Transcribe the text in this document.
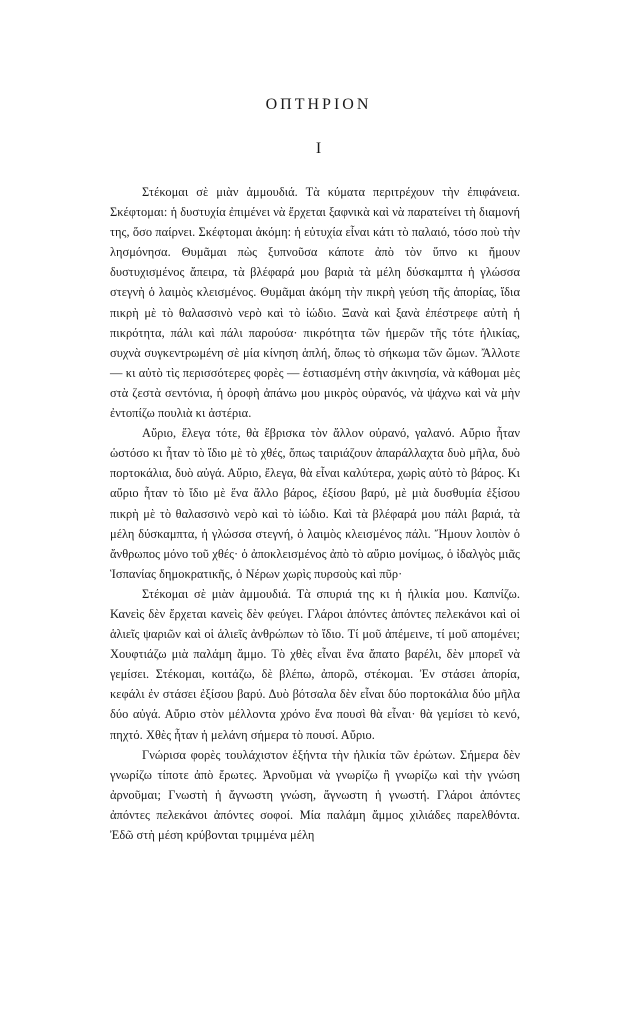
ΟΠΤΗΡΙΟΝ
I

Στέκομαι σὲ μιὰν ἀμμουδιά. Τὰ κύματα περιτρέχουν τὴν ἐπιφάνεια. Σκέφτομαι: ἡ δυστυχία ἐπιμένει νὰ ἔρχεται ξαφνικὰ καὶ νὰ παρατείνει τὴ διαμονή της, ὅσο παίρνει. Σκέφτομαι ἀκόμη: ἡ εὐτυχία εἶναι κάτι τὸ παλαιό, τόσο ποὺ τὴν λησμόνησα. Θυμᾶμαι πὼς ξυπνοῦσα κάποτε ἀπὸ τὸν ὕπνο κι ἤμουν δυστυχισμένος ἄπειρα, τὰ βλέφαρά μου βαριὰ τὰ μέλη δύσκαμπτα ἡ γλώσσα στεγνὴ ὁ λαιμὸς κλεισμένος. Θυμᾶμαι ἀκόμη τὴν πικρὴ γεύση τῆς ἀπορίας, ἴδια πικρὴ μὲ τὸ θαλασσινὸ νερὸ καὶ τὸ ἰώδιο. Ξανὰ καὶ ξανὰ ἐπέστρεφε αὐτὴ ἡ πικρότητα, πάλι καὶ πάλι παρούσα· πικρότητα τῶν ἡμερῶν τῆς τότε ἡλικίας, συχνὰ συγκεντρωμένη σὲ μία κίνηση ἁπλή, ὅπως τὸ σήκωμα τῶν ὤμων. Ἄλλοτε — κι αὐτὸ τὶς περισσότερες φορὲς — ἑστιασμένη στὴν ἀκινησία, νὰ κάθομαι μὲς στὰ ζεστὰ σεντόνια, ἡ ὀροφὴ ἀπάνω μου μικρὸς οὐρανός, νὰ ψάχνω καὶ νὰ μὴν ἐντοπίζω πουλιὰ κι ἀστέρια.

Αὔριο, ἔλεγα τότε, θὰ ἔβρισκα τὸν ἄλλον οὐρανό, γαλανό. Αὔριο ἦταν ὡστόσο κι ἦταν τὸ ἴδιο μὲ τὸ χθές, ὅπως ταιριάζουν ἀπαράλλαχτα δυὸ μῆλα, δυὸ πορτοκάλια, δυὸ αὐγά. Αὔριο, ἔλεγα, θὰ εἶναι καλύτερα, χωρὶς αὐτὸ τὸ βάρος. Κι αὔριο ἦταν τὸ ἴδιο μὲ ἕνα ἄλλο βάρος, ἐξίσου βαρύ, μὲ μιὰ δυσθυμία ἐξίσου πικρὴ μὲ τὸ θαλασσινὸ νερὸ καὶ τὸ ἰώδιο. Καὶ τὰ βλέφαρά μου πάλι βαριά, τὰ μέλη δύσκαμπτα, ἡ γλώσσα στεγνή, ὁ λαιμὸς κλεισμένος πάλι. Ἤμουν λοιπὸν ὁ ἄνθρωπος μόνο τοῦ χθές· ὁ ἀποκλεισμένος ἀπὸ τὸ αὔριο μονίμως, ὁ ἰδαλγὸς μιᾶς Ἱσπανίας δημοκρατικῆς, ὁ Νέρων χωρὶς πυρσοὺς καὶ πῦρ·

Στέκομαι σὲ μιὰν ἀμμουδιά. Τὰ σπυριά της κι ἡ ἡλικία μου. Καπνίζω. Κανεὶς δὲν ἔρχεται κανεὶς δὲν φεύγει. Γλάροι ἀπόντες ἀπόντες πελεκάνοι καὶ οἱ ἁλιεῖς ψαριῶν καὶ οἱ ἁλιεῖς ἀνθρώπων τὸ ἴδιο. Τί μοῦ ἀπέμεινε, τί μοῦ απομένει; Χουφτιάζω μιὰ παλάμη ἄμμο. Τὸ χθὲς εἶναι ἕνα ἄπατο βαρέλι, δὲν μπορεῖ νὰ γεμίσει. Στέκομαι, κοιτάζω, δὲ βλέπω, ἀπορῶ, στέκομαι. Ἐν στάσει ἀπορία, κεφάλι ἐν στάσει ἐξίσου βαρύ. Δυὸ βότσαλα δὲν εἶναι δύο πορτοκάλια δύο μῆλα δύο αὐγά. Αὔριο στὸν μέλλοντα χρόνο ἕνα πουσὶ θὰ εἶναι· θὰ γεμίσει τὸ κενό, πηχτό. Χθὲς ἦταν ἡ μελάνη σήμερα τὸ πουσί. Αὔριο.

Γνώρισα φορὲς τουλάχιστον ἑξήντα τὴν ἡλικία τῶν ἐρώτων. Σήμερα δὲν γνωρίζω τίποτε ἀπὸ ἔρωτες. Ἀρνοῦμαι νὰ γνωρίζω ἢ γνωρίζω καὶ τὴν γνώση ἀρνοῦμαι; Γνωστὴ ἡ ἄγνωστη γνώση, ἄγνωστη ἡ γνωστή. Γλάροι ἀπόντες ἀπόντες πελεκάνοι ἀπόντες σοφοί. Μία παλάμη ἄμμος χιλιάδες παρελθόντα. Ἐδῶ στὴ μέση κρύβονται τριμμένα μέλη
